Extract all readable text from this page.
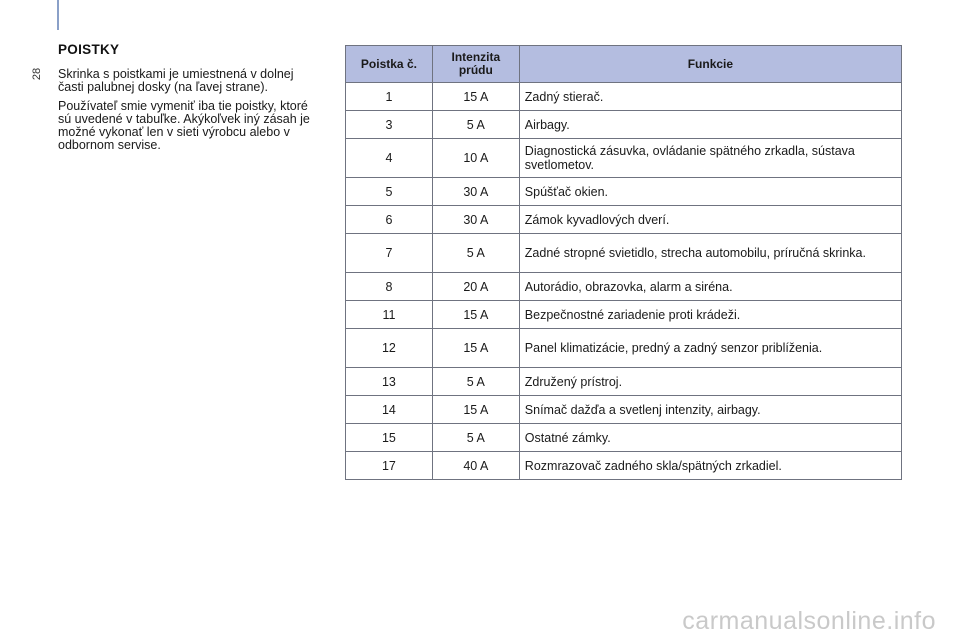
28
POISTKY

Skrinka s poistkami je umiestnená v dolnej časti palubnej dosky (na ľavej strane).

Používateľ smie vymeniť iba tie poistky, ktoré sú uvedené v tabuľke. Akýkoľvek iný zásah je možné vykonať len v sieti výrobcu alebo v odbornom servise.

Poistka č.	Intenzita prúdu	Funkcie
1	15 A	Zadný stierač.
3	5 A	Airbagy.
4	10 A	Diagnostická zásuvka, ovládanie spätného zrkadla, sústava svetlometov.
5	30 A	Spúšťač okien.
6	30 A	Zámok kyvadlových dverí.
7	5 A	Zadné stropné svietidlo, strecha automobilu, príručná skrinka.
8	20 A	Autorádio, obrazovka, alarm a siréna.
11	15 A	Bezpečnostné zariadenie proti krádeži.
12	15 A	Panel klimatizácie, predný a zadný senzor priblíženia.
13	5 A	Združený prístroj.
14	15 A	Snímač dažďa a svetlenj intenzity, airbagy.
15	5 A	Ostatné zámky.
17	40 A	Rozmrazovač zadného skla/spätných zrkadiel.
carmanualsonline.info
